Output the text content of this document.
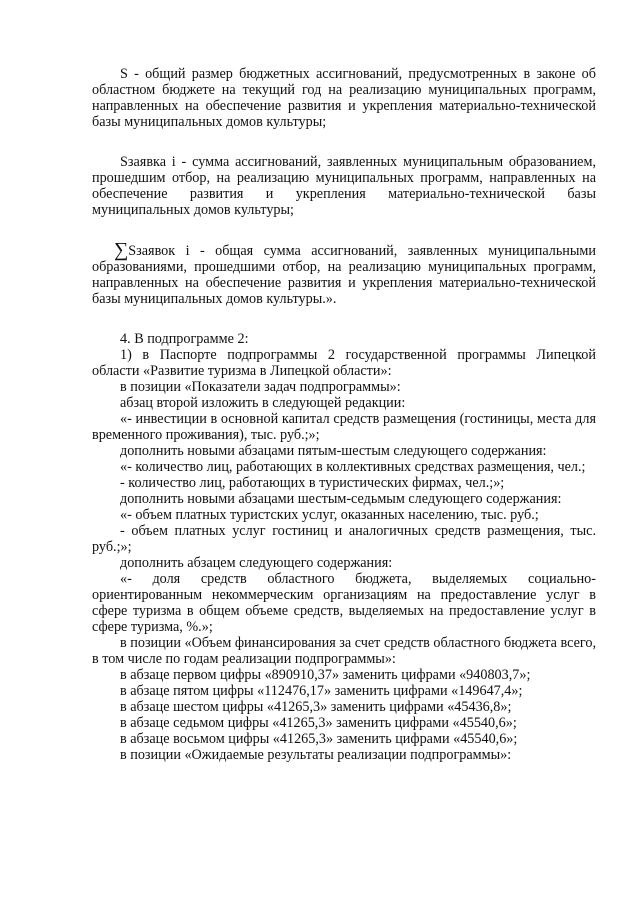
S - общий размер бюджетных ассигнований, предусмотренных в законе об областном бюджете на текущий год на реализацию муниципальных программ, направленных на обеспечение развития и укрепления материально-технической базы муниципальных домов культуры;

Sзаявка i - сумма ассигнований, заявленных муниципальным образованием, прошедшим отбор, на реализацию муниципальных программ, направленных на обеспечение развития и укрепления материально-технической базы муниципальных домов культуры;

∑Sзаявок i - общая сумма ассигнований, заявленных муниципальными образованиями, прошедшими отбор, на реализацию муниципальных программ, направленных на обеспечение развития и укрепления материально-технической базы муниципальных домов культуры.».

4. В подпрограмме 2:

1) в Паспорте подпрограммы 2 государственной программы Липецкой области «Развитие туризма в Липецкой области»:

в позиции «Показатели задач подпрограммы»:

абзац второй изложить в следующей редакции:

«- инвестиции в основной капитал средств размещения (гостиницы, места для временного проживания), тыс. руб.;»;

дополнить новыми абзацами пятым-шестым следующего содержания:

«- количество лиц, работающих в коллективных средствах размещения, чел.;

- количество лиц, работающих в туристических фирмах, чел.;»;

дополнить новыми абзацами шестым-седьмым следующего содержания:

«- объем платных туристских услуг, оказанных населению, тыс. руб.;

- объем платных услуг гостиниц и аналогичных средств размещения, тыс. руб.;»;

дополнить абзацем следующего содержания:

«- доля средств областного бюджета, выделяемых социально-ориентированным некоммерческим организациям на предоставление услуг в сфере туризма в общем объеме средств, выделяемых на предоставление услуг в сфере туризма, %.»;

в позиции «Объем финансирования за счет средств областного бюджета всего, в том числе по годам реализации подпрограммы»:

в абзаце первом цифры «890910,37» заменить цифрами «940803,7»;

в абзаце пятом цифры «112476,17» заменить цифрами «149647,4»;

в абзаце шестом цифры «41265,3» заменить цифрами «45436,8»;

в абзаце седьмом цифры «41265,3» заменить цифрами «45540,6»;

в абзаце восьмом цифры «41265,3» заменить цифрами «45540,6»;

в позиции «Ожидаемые результаты реализации подпрограммы»:
